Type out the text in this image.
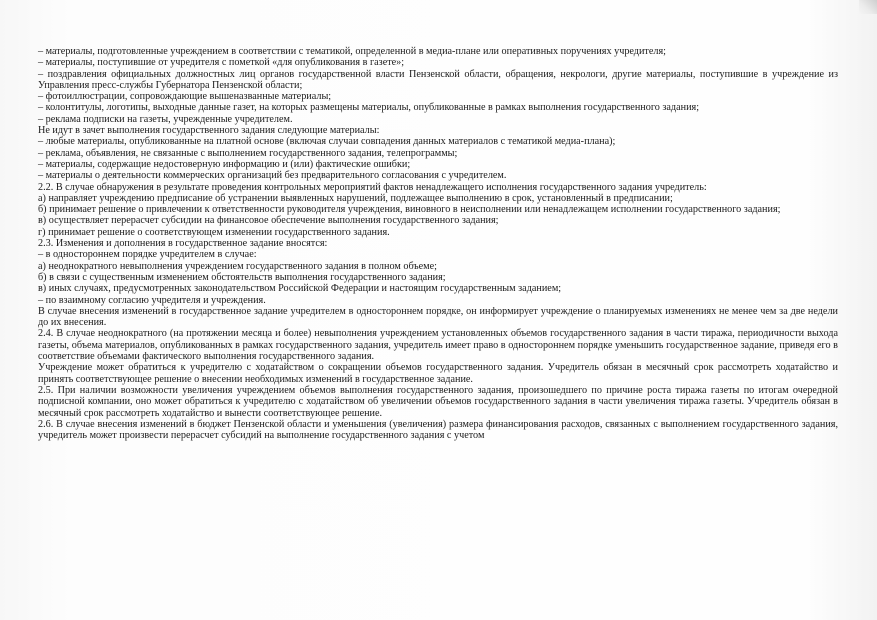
– материалы, подготовленные учреждением в соответствии с тематикой, определенной в медиа-плане или оперативных поручениях учредителя;

– материалы, поступившие от учредителя с пометкой «для опубликования в газете»;

– поздравления официальных должностных лиц органов государственной власти Пензенской области, обращения, некрологи, другие материалы, поступившие в учреждение из Управления пресс-службы Губернатора Пензенской области;

– фотоиллюстрации, сопровождающие вышеназванные материалы;

– колонтитулы, логотипы, выходные данные газет, на которых размещены материалы, опубликованные в рамках выполнения государственного задания;

– реклама подписки на газеты, учрежденные учредителем.

Не идут в зачет выполнения государственного задания следующие материалы:

– любые материалы, опубликованные на платной основе (включая случаи совпадения данных материалов с тематикой медиа-плана);

– реклама, объявления, не связанные с выполнением государственного задания, телепрограммы;

– материалы, содержащие недостоверную информацию и (или) фактические ошибки;

– материалы о деятельности коммерческих организаций без предварительного согласования с учредителем.

2.2. В случае обнаружения в результате проведения контрольных мероприятий фактов ненадлежащего исполнения государственного задания учредитель:

а) направляет учреждению предписание об устранении выявленных нарушений, подлежащее выполнению в срок, установленный в предписании;

б) принимает решение о привлечении к ответственности руководителя учреждения, виновного в неисполнении или ненадлежащем исполнении государственного задания;

в) осуществляет перерасчет субсидии на финансовое обеспечение выполнения государственного задания;

г) принимает решение о соответствующем изменении государственного задания.

2.3. Изменения и дополнения в государственное задание вносятся:

– в одностороннем порядке учредителем в случае:

а) неоднократного невыполнения учреждением государственного задания в полном объеме;

б) в связи с существенным изменением обстоятельств выполнения государственного задания;

в) иных случаях, предусмотренных законодательством Российской Федерации и настоящим государственным заданием;

– по взаимному согласию учредителя и учреждения.

В случае внесения изменений в государственное задание учредителем в одностороннем порядке, он информирует учреждение о планируемых изменениях не менее чем за две недели до их внесения.

2.4. В случае неоднократного (на протяжении месяца и более) невыполнения учреждением установленных объемов государственного задания в части тиража, периодичности выхода газеты, объема материалов, опубликованных в рамках государственного задания, учредитель имеет право в одностороннем порядке уменьшить государственное задание, приведя его в соответствие объемами фактического выполнения государственного задания.

Учреждение может обратиться к учредителю с ходатайством о сокращении объемов государственного задания. Учредитель обязан в месячный срок рассмотреть ходатайство и принять соответствующее решение о внесении необходимых изменений в государственное задание.

2.5. При наличии возможности увеличения учреждением объемов выполнения государственного задания, произошедшего по причине роста тиража газеты по итогам очередной подписной компании, оно может обратиться к учредителю с ходатайством об увеличении объемов государственного задания в части увеличения тиража газеты. Учредитель обязан в месячный срок рассмотреть ходатайство и вынести соответствующее решение.

2.6. В случае внесения изменений в бюджет Пензенской области и уменьшения (увеличения) размера финансирования расходов, связанных с выполнением государственного задания, учредитель может произвести перерасчет субсидий на выполнение государственного задания с учетом
